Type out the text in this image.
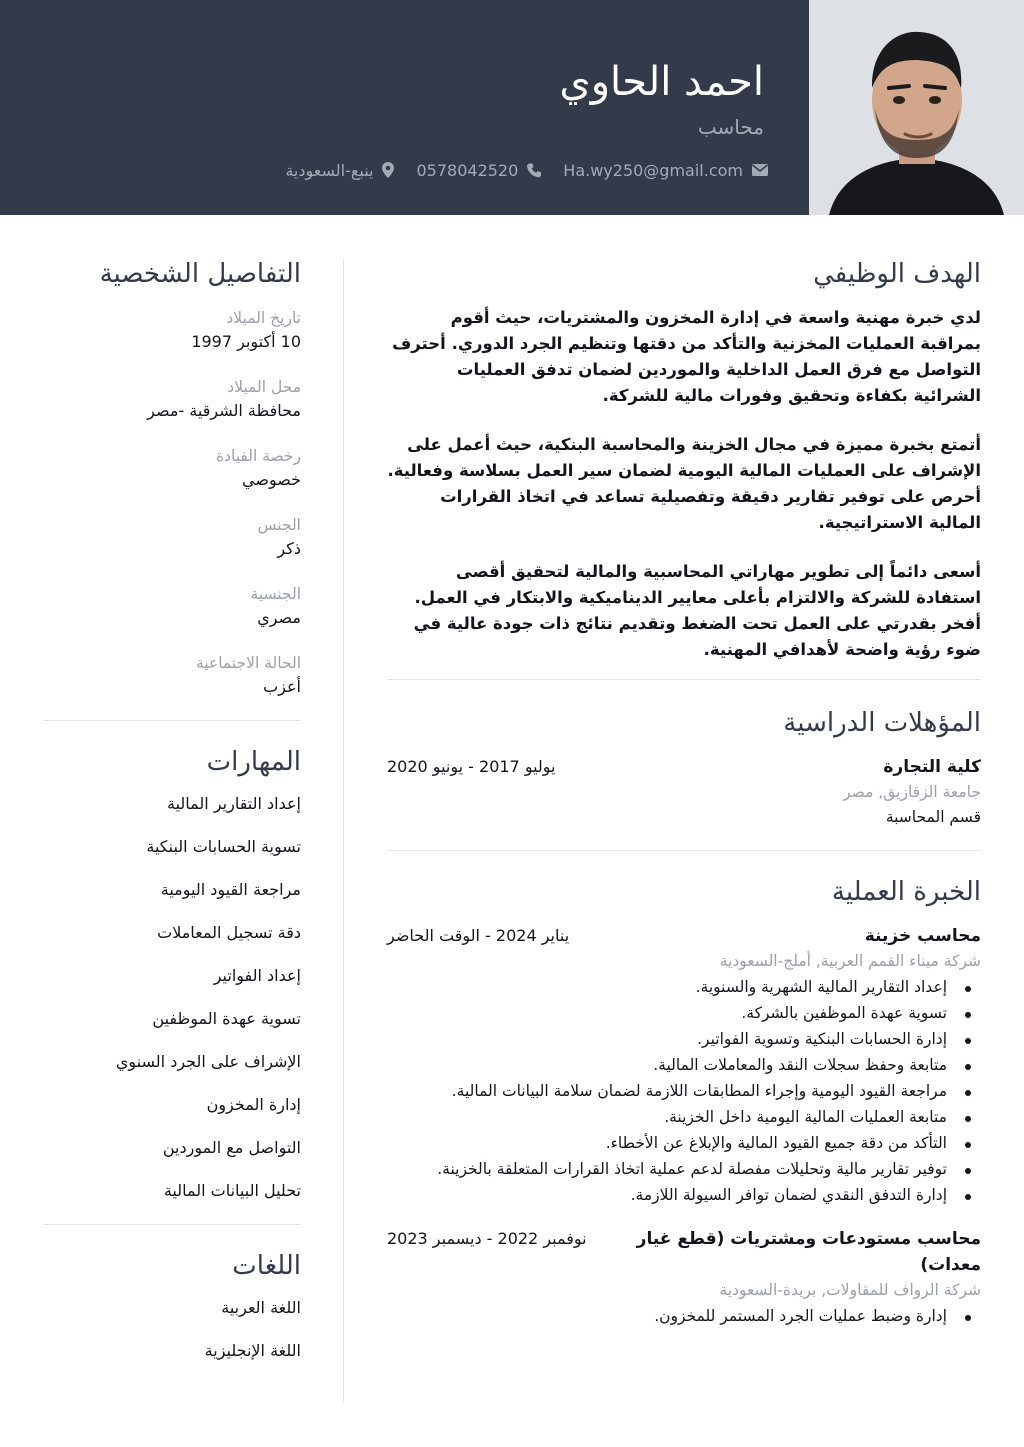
احمد الحاوي
محاسب
Ha.wy250@gmail.com
0578042520
ينبع-السعودية
الهدف الوظيفي

لدي خبرة مهنية واسعة في إدارة المخزون والمشتريات، حيث أقوم بمراقبة العمليات المخزنية والتأكد من دقتها وتنظيم الجرد الدوري. أحترف التواصل مع فرق العمل الداخلية والموردين لضمان تدفق العمليات الشرائية بكفاءة وتحقيق وفورات مالية للشركة.

أتمتع بخبرة مميزة في مجال الخزينة والمحاسبة البنكية، حيث أعمل على الإشراف على العمليات المالية اليومية لضمان سير العمل بسلاسة وفعالية. أحرص على توفير تقارير دقيقة وتفصيلية تساعد في اتخاذ القرارات المالية الاستراتيجية.

أسعى دائماً إلى تطوير مهاراتي المحاسبية والمالية لتحقيق أقصى استفادة للشركة والالتزام بأعلى معايير الديناميكية والابتكار في العمل. أفخر بقدرتي على العمل تحت الضغط وتقديم نتائج ذات جودة عالية في ضوء رؤية واضحة لأهدافي المهنية.

المؤهلات الدراسية
كلية التجارة
يوليو 2017 - يونيو 2020
جامعة الزقازيق, مصر
قسم المحاسبة
الخبرة العملية
محاسب خزينة
يناير 2024 - الوقت الحاضر
شركة ميناء القمم العربية, أملج-السعودية
إعداد التقارير المالية الشهرية والسنوية.
تسوية عهدة الموظفين بالشركة.
إدارة الحسابات البنكية وتسوية الفواتير.
متابعة وحفظ سجلات النقد والمعاملات المالية.
مراجعة القيود اليومية وإجراء المطابقات اللازمة لضمان سلامة البيانات المالية.
متابعة العمليات المالية اليومية داخل الخزينة.
التأكد من دقة جميع القيود المالية والإبلاغ عن الأخطاء.
توفير تقارير مالية وتحليلات مفصلة لدعم عملية اتخاذ القرارات المتعلقة بالخزينة.
إدارة التدفق النقدي لضمان توافر السيولة اللازمة.
محاسب مستودعات ومشتريات (قطع غيار معدات)
نوفمبر 2022 - ديسمبر 2023
شركة الرواف للمقاولات, بريدة-السعودية
إدارة وضبط عمليات الجرد المستمر للمخزون.
التفاصيل الشخصية
تاريخ الميلاد
10 أكتوبر 1997
محل الميلاد
محافظة الشرقية -مصر
رخصة القيادة
خصوصي
الجنس
ذكر
الجنسية
مصري
الحالة الاجتماعية
أعزب
المهارات
إعداد التقارير المالية
تسوية الحسابات البنكية
مراجعة القيود اليومية
دقة تسجيل المعاملات
إعداد الفواتير
تسوية عهدة الموظفين
الإشراف على الجرد السنوي
إدارة المخزون
التواصل مع الموردين
تحليل البيانات المالية
اللغات
اللغة العربية
اللغة الإنجليزية
